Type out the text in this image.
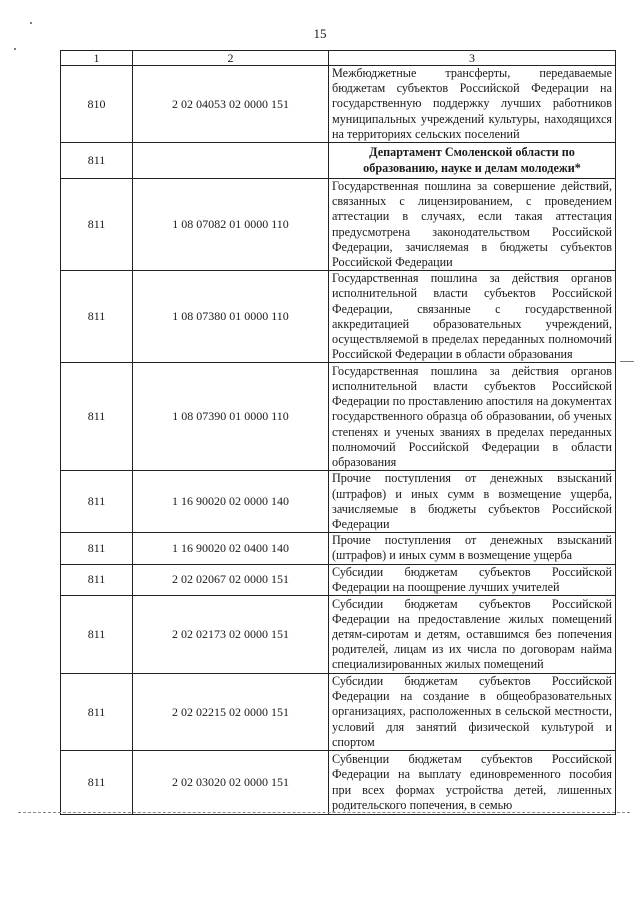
15
1	2	3
810	2 02 04053 02 0000 151	Межбюджетные трансферты, передаваемые бюджетам субъектов Российской Федерации на государственную поддержку лучших работников муниципальных учреждений культуры, находящихся на территориях сельских поселений
811		Департамент Смоленской области по образованию, науке и делам молодежи*
811	1 08 07082 01 0000 110	Государственная пошлина за совершение действий, связанных с лицензированием, с проведением аттестации в случаях, если такая аттестация предусмотрена законодательством Российской Федерации, зачисляемая в бюджеты субъектов Российской Федерации
811	1 08 07380 01 0000 110	Государственная пошлина за действия органов исполнительной власти субъектов Российской Федерации, связанные с государственной аккредитацией образовательных учреждений, осуществляемой в пределах переданных полномочий Российской Федерации в области образования
811	1 08 07390 01 0000 110	Государственная пошлина за действия органов исполнительной власти субъектов Российской Федерации по проставлению апостиля на документах государственного образца об образовании, об ученых степенях и ученых званиях в пределах переданных полномочий Российской Федерации в области образования
811	1 16 90020 02 0000 140	Прочие поступления от денежных взысканий (штрафов) и иных сумм в возмещение ущерба, зачисляемые в бюджеты субъектов Российской Федерации
811	1 16 90020 02 0400 140	Прочие поступления от денежных взысканий (штрафов) и иных сумм в возмещение ущерба
811	2 02 02067 02 0000 151	Субсидии бюджетам субъектов Российской Федерации на поощрение лучших учителей
811	2 02 02173 02 0000 151	Субсидии бюджетам субъектов Российской Федерации на предоставление жилых помещений детям-сиротам и детям, оставшимся без попечения родителей, лицам из их числа по договорам найма специализированных жилых помещений
811	2 02 02215 02 0000 151	Субсидии бюджетам субъектов Российской Федерации на создание в общеобразовательных организациях, расположенных в сельской местности, условий для занятий физической культурой и спортом
811	2 02 03020 02 0000 151	Субвенции бюджетам субъектов Российской Федерации на выплату единовременного пособия при всех формах устройства детей, лишенных родительского попечения, в семью
